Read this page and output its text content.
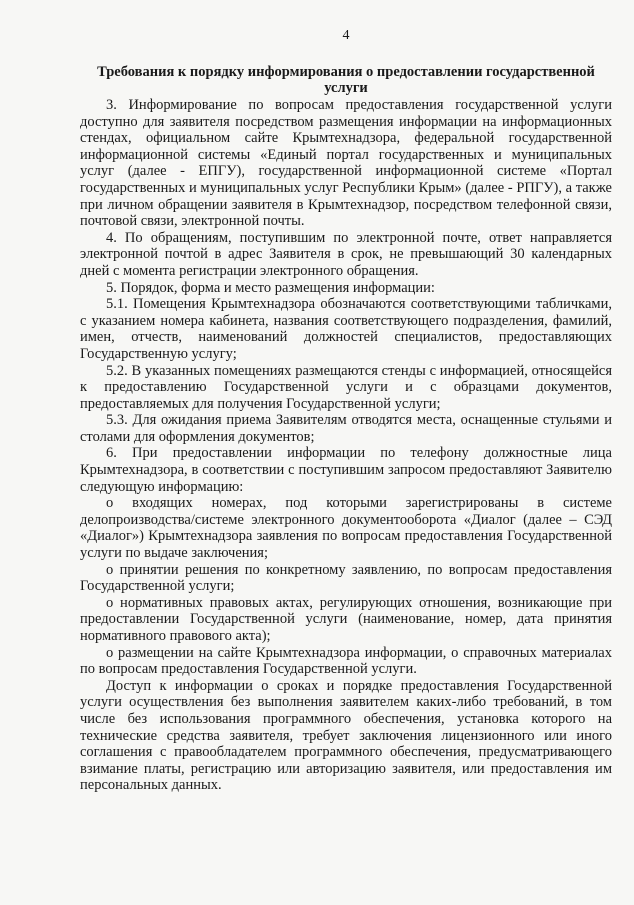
4
Требования к порядку информирования о предоставлении государственной услуги

3. Информирование по вопросам предоставления государственной услуги доступно для заявителя посредством размещения информации на информационных стендах, официальном сайте Крымтехнадзора, федеральной государственной информационной системы «Единый портал государственных и муниципальных услуг (далее - ЕПГУ), государственной информационной системе «Портал государственных и муниципальных услуг Республики Крым» (далее - РПГУ), а также при личном обращении заявителя в Крымтехнадзор, посредством телефонной связи, почтовой связи, электронной почты.

4. По обращениям, поступившим по электронной почте, ответ направляется электронной почтой в адрес Заявителя в срок, не превышающий 30 календарных дней с момента регистрации электронного обращения.

5. Порядок, форма и место размещения информации:

5.1. Помещения Крымтехнадзора обозначаются соответствующими табличками, с указанием номера кабинета, названия соответствующего подразделения, фамилий, имен, отчеств, наименований должностей специалистов, предоставляющих Государственную услугу;

5.2. В указанных помещениях размещаются стенды с информацией, относящейся к предоставлению Государственной услуги и с образцами документов, предоставляемых для получения Государственной услуги;

5.3. Для ожидания приема Заявителям отводятся места, оснащенные стульями и столами для оформления документов;

6. При предоставлении информации по телефону должностные лица Крымтехнадзора, в соответствии с поступившим запросом предоставляют Заявителю следующую информацию:

о входящих номерах, под которыми зарегистрированы в системе делопроизводства/системе электронного документооборота «Диалог (далее – СЭД «Диалог») Крымтехнадзора заявления по вопросам предоставления Государственной услуги по выдаче заключения;

о принятии решения по конкретному заявлению, по вопросам предоставления Государственной услуги;

о нормативных правовых актах, регулирующих отношения, возникающие при предоставлении Государственной услуги (наименование, номер, дата принятия нормативного правового акта);

о размещении на сайте Крымтехнадзора информации, о справочных материалах по вопросам предоставления Государственной услуги.

Доступ к информации о сроках и порядке предоставления Государственной услуги осуществления без выполнения заявителем каких-либо требований, в том числе без использования программного обеспечения, установка которого на технические средства заявителя, требует заключения лицензионного или иного соглашения с правообладателем программного обеспечения, предусматривающего взимание платы, регистрацию или авторизацию заявителя, или предоставления им персональных данных.
